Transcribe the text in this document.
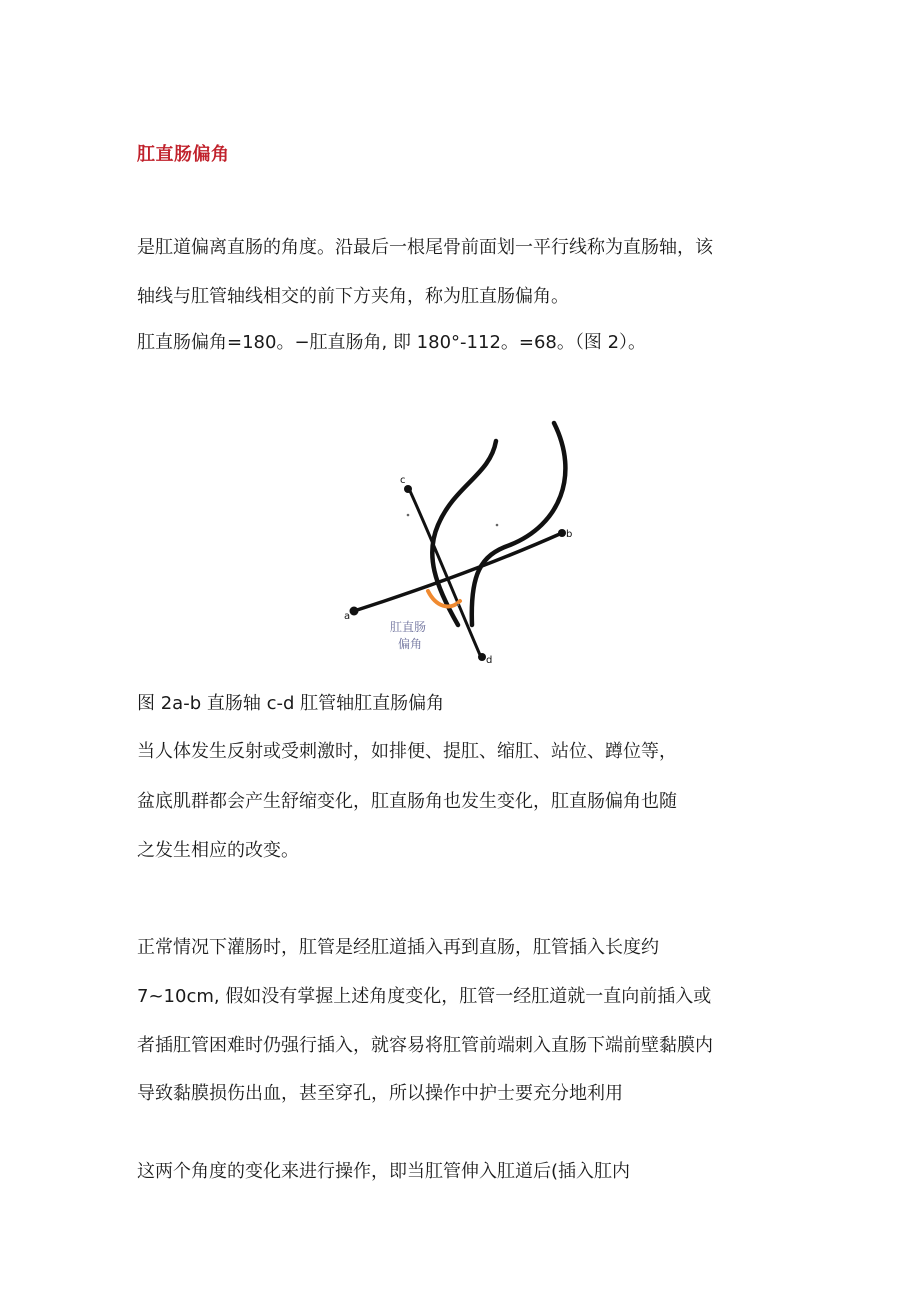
肛直肠偏角
是肛道偏离直肠的角度。沿最后一根尾骨前面划一平行线称为直肠轴，该
轴线与肛管轴线相交的前下方夹角，称为肛直肠偏角。
肛直肠偏角=180。−肛直肠角, 即 180°-112。=68。（图 2）。
肛直肠
偏角
a
b
c
d
图 2a-b 直肠轴 c-d 肛管轴肛直肠偏角
当人体发生反射或受刺激时，如排便、提肛、缩肛、站位、蹲位等，
盆底肌群都会产生舒缩变化，肛直肠角也发生变化，肛直肠偏角也随
之发生相应的改变。
正常情况下灌肠时，肛管是经肛道插入再到直肠，肛管插入长度约
7~10cm, 假如没有掌握上述角度变化，肛管一经肛道就一直向前插入或
者插肛管困难时仍强行插入，就容易将肛管前端刺入直肠下端前壁黏膜内
导致黏膜损伤出血，甚至穿孔，所以操作中护士要充分地利用
这两个角度的变化来进行操作，即当肛管伸入肛道后(插入肛内
